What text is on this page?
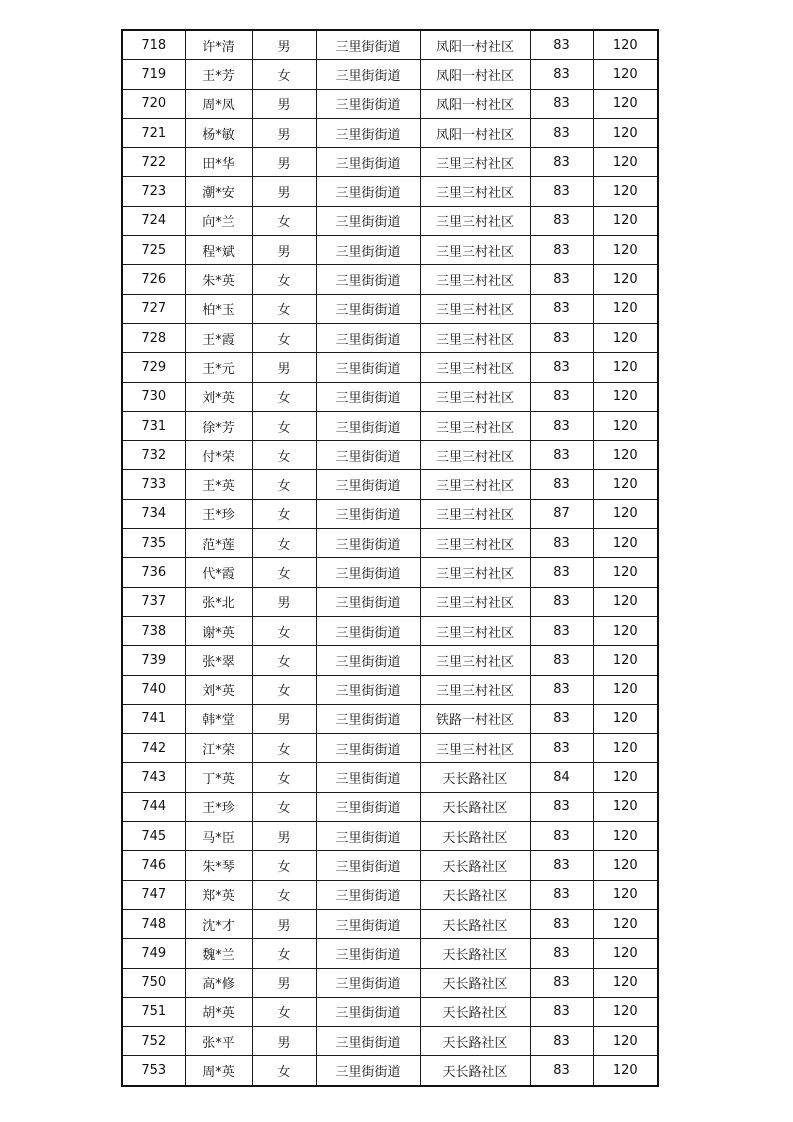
718	许*清	男	三里街街道	凤阳一村社区	83	120
719	王*芳	女	三里街街道	凤阳一村社区	83	120
720	周*凤	男	三里街街道	凤阳一村社区	83	120
721	杨*敏	男	三里街街道	凤阳一村社区	83	120
722	田*华	男	三里街街道	三里三村社区	83	120
723	潮*安	男	三里街街道	三里三村社区	83	120
724	向*兰	女	三里街街道	三里三村社区	83	120
725	程*斌	男	三里街街道	三里三村社区	83	120
726	朱*英	女	三里街街道	三里三村社区	83	120
727	柏*玉	女	三里街街道	三里三村社区	83	120
728	王*霞	女	三里街街道	三里三村社区	83	120
729	王*元	男	三里街街道	三里三村社区	83	120
730	刘*英	女	三里街街道	三里三村社区	83	120
731	徐*芳	女	三里街街道	三里三村社区	83	120
732	付*荣	女	三里街街道	三里三村社区	83	120
733	王*英	女	三里街街道	三里三村社区	83	120
734	王*珍	女	三里街街道	三里三村社区	87	120
735	范*莲	女	三里街街道	三里三村社区	83	120
736	代*霞	女	三里街街道	三里三村社区	83	120
737	张*北	男	三里街街道	三里三村社区	83	120
738	谢*英	女	三里街街道	三里三村社区	83	120
739	张*翠	女	三里街街道	三里三村社区	83	120
740	刘*英	女	三里街街道	三里三村社区	83	120
741	韩*堂	男	三里街街道	铁路一村社区	83	120
742	江*荣	女	三里街街道	三里三村社区	83	120
743	丁*英	女	三里街街道	天长路社区	84	120
744	王*珍	女	三里街街道	天长路社区	83	120
745	马*臣	男	三里街街道	天长路社区	83	120
746	朱*琴	女	三里街街道	天长路社区	83	120
747	郑*英	女	三里街街道	天长路社区	83	120
748	沈*才	男	三里街街道	天长路社区	83	120
749	魏*兰	女	三里街街道	天长路社区	83	120
750	高*修	男	三里街街道	天长路社区	83	120
751	胡*英	女	三里街街道	天长路社区	83	120
752	张*平	男	三里街街道	天长路社区	83	120
753	周*英	女	三里街街道	天长路社区	83	120
